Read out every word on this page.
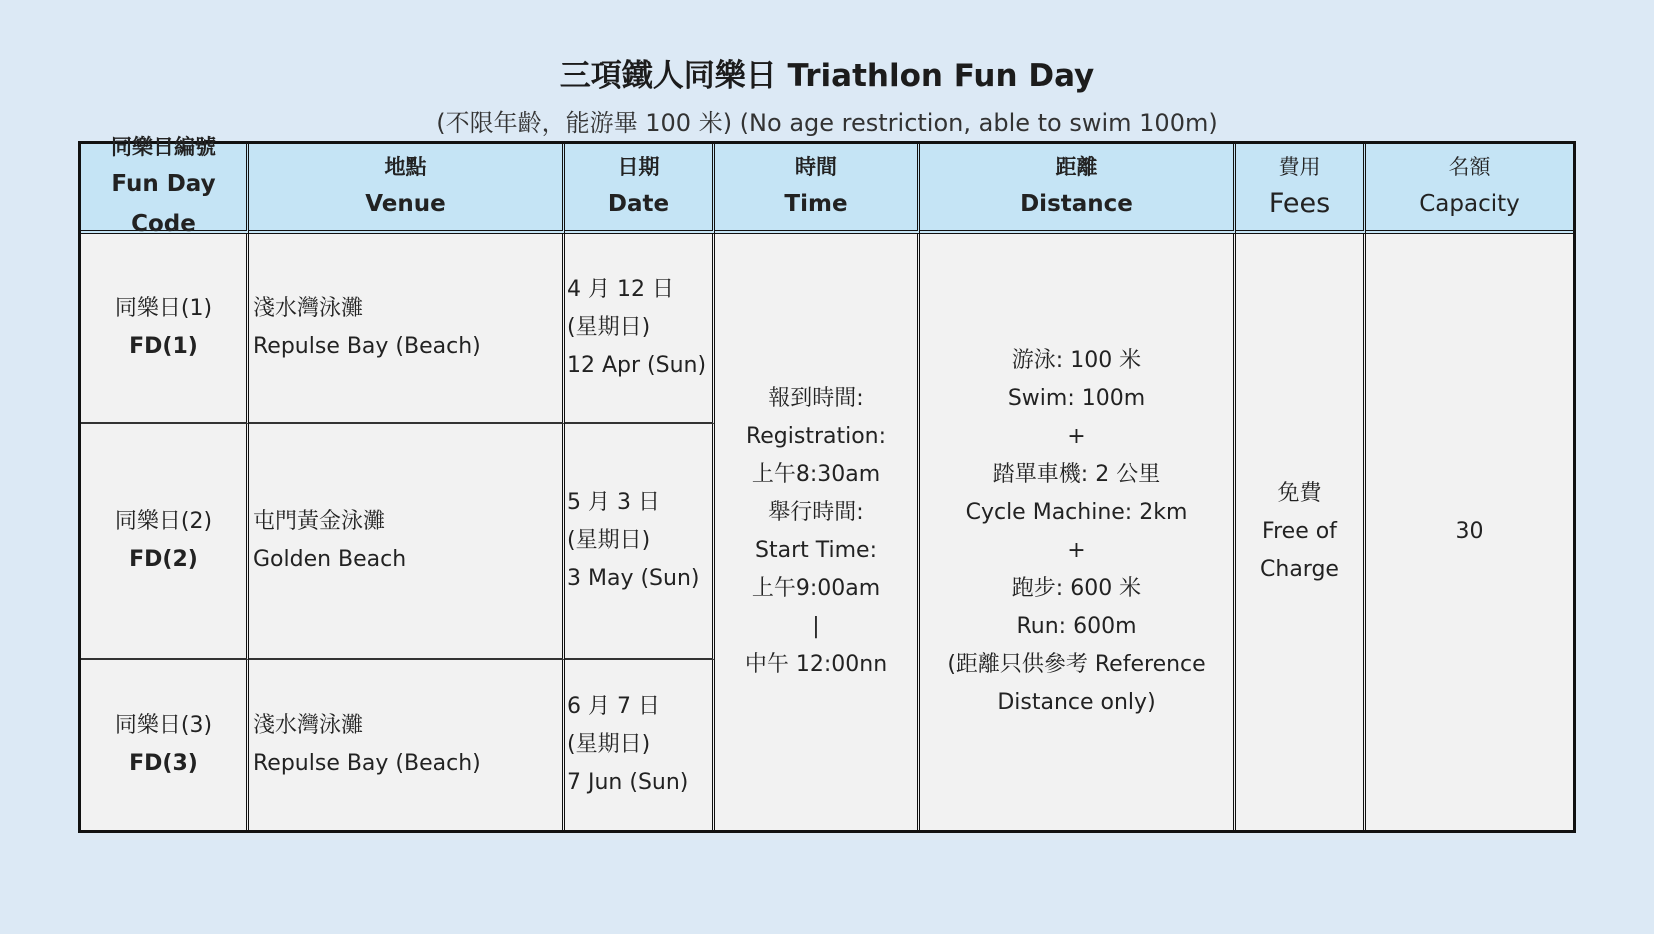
三項鐵人同樂日 Triathlon Fun Day
(不限年齡，能游畢 100 米) (No age restriction, able to swim 100m)
同樂日編號
Fun Day Code
地點
Venue
日期
Date
時間
Time
距離
Distance
費用
Fees
名額
Capacity
同樂日(1)
FD(1)
淺水灣泳灘
Repulse Bay (Beach)
4 月 12 日
(星期日)
12 Apr (Sun)
同樂日(2)
FD(2)
屯門黃金泳灘
Golden Beach
5 月 3 日
(星期日)
3 May (Sun)
同樂日(3)
FD(3)
淺水灣泳灘
Repulse Bay (Beach)
6 月 7 日
(星期日)
7 Jun (Sun)
報到時間:
Registration:
上午8:30am
舉行時間:
Start Time:
上午9:00am
|
中午 12:00nn
游泳: 100 米
Swim: 100m
+
踏單車機: 2 公里
Cycle Machine: 2km
+
跑步: 600 米
Run: 600m
(距離只供參考 Reference
Distance only)
免費
Free of
Charge
30
